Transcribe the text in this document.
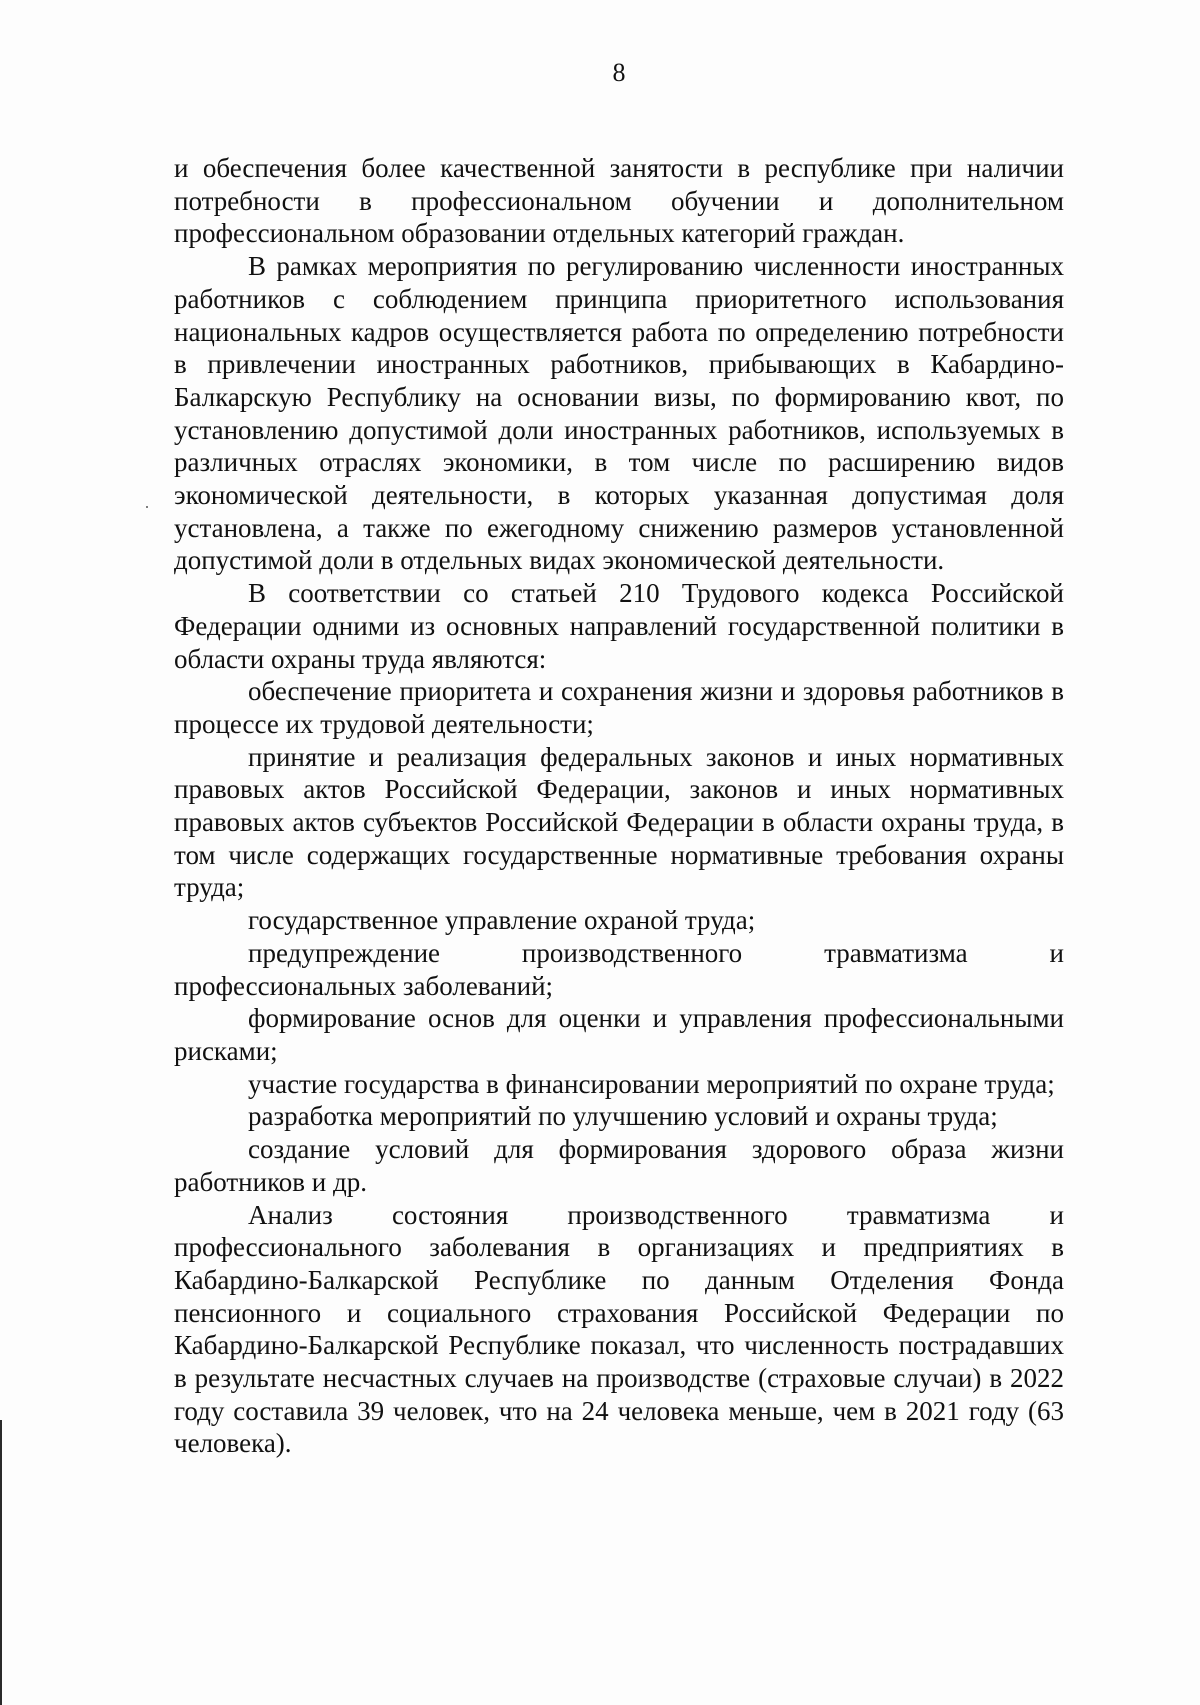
8

и обеспечения более качественной занятости в республике при наличии потребности в профессиональном обучении и дополнительном профессиональном образовании отдельных категорий граждан.

В рамках мероприятия по регулированию численности иностранных работников с соблюдением принципа приоритетного использования национальных кадров осуществляется работа по определению потребности в привлечении иностранных работников, прибывающих в Кабардино-Балкарскую Республику на основании визы, по формированию квот, по установлению допустимой доли иностранных работников, используемых в различных отраслях экономики, в том числе по расширению видов экономической деятельности, в которых указанная допустимая доля установлена, а также по ежегодному снижению размеров установленной допустимой доли в отдельных видах экономической деятельности.

В соответствии со статьей 210 Трудового кодекса Российской Федерации одними из основных направлений государственной политики в области охраны труда являются:

обеспечение приоритета и сохранения жизни и здоровья работников в процессе их трудовой деятельности;

принятие и реализация федеральных законов и иных нормативных правовых актов Российской Федерации, законов и иных нормативных правовых актов субъектов Российской Федерации в области охраны труда, в том числе содержащих государственные нормативные требования охраны труда;

государственное управление охраной труда;

предупреждение производственного травматизма и профессиональных заболеваний;

формирование основ для оценки и управления профессиональными рисками;

участие государства в финансировании мероприятий по охране труда;

разработка мероприятий по улучшению условий и охраны труда;

создание условий для формирования здорового образа жизни работников и др.

Анализ состояния производственного травматизма и профессионального заболевания в организациях и предприятиях в Кабардино-Балкарской Республике по данным Отделения Фонда пенсионного и социального страхования Российской Федерации по Кабардино-Балкарской Республике показал, что численность пострадавших в результате несчастных случаев на производстве (страховые случаи) в 2022 году составила 39 человек, что на 24 человека меньше, чем в 2021 году (63 человека).
